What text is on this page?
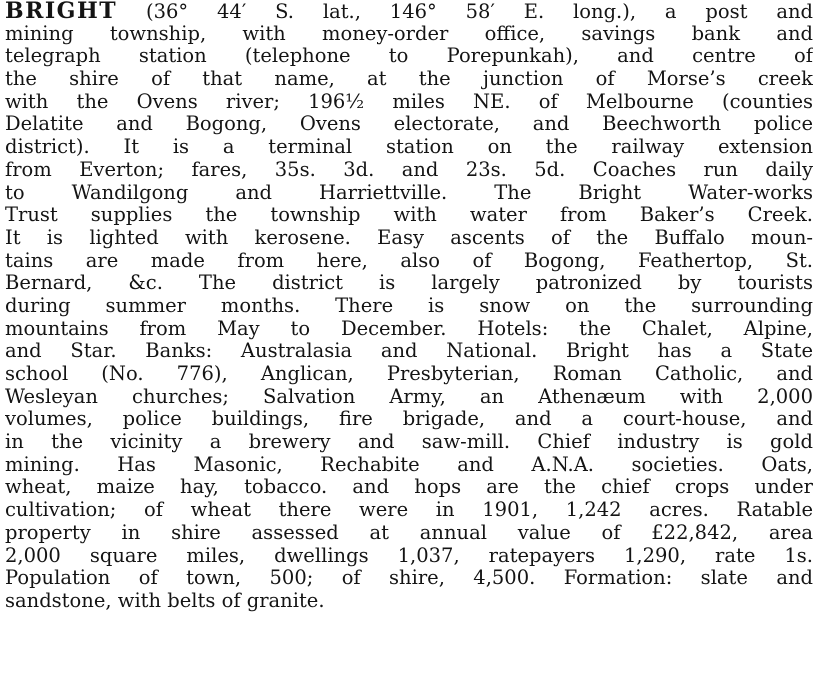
BRIGHT (36° 44′ S. lat., 146° 58′ E. long.), a post and
mining township, with money-order office, savings bank and
telegraph station (telephone to Porepunkah), and centre of
the shire of that name, at the junction of Morse’s creek
with the Ovens river; 196½ miles NE. of Melbourne (counties
Delatite and Bogong, Ovens electorate, and Beechworth police
district). It is a terminal station on the railway extension
from Everton; fares, 35s. 3d. and 23s. 5d. Coaches run daily
to Wandilgong and Harriettville. The Bright Water-works
Trust supplies the township with water from Baker’s Creek.
It is lighted with kerosene. Easy ascents of the Buffalo moun-
tains are made from here, also of Bogong, Feathertop, St.
Bernard, &c. The district is largely patronized by tourists
during summer months. There is snow on the surrounding
mountains from May to December. Hotels: the Chalet, Alpine,
and Star. Banks: Australasia and National. Bright has a State
school (No. 776), Anglican, Presbyterian, Roman Catholic, and
Wesleyan churches; Salvation Army, an Athenæum with 2,000
volumes, police buildings, fire brigade, and a court-house, and
in the vicinity a brewery and saw-mill. Chief industry is gold
mining. Has Masonic, Rechabite and A.N.A. societies. Oats,
wheat, maize hay, tobacco. and hops are the chief crops under
cultivation; of wheat there were in 1901, 1,242 acres. Ratable
property in shire assessed at annual value of £22,842, area
2,000 square miles, dwellings 1,037, ratepayers 1,290, rate 1s.
Population of town, 500; of shire, 4,500. Formation: slate and
sandstone, with belts of granite.
